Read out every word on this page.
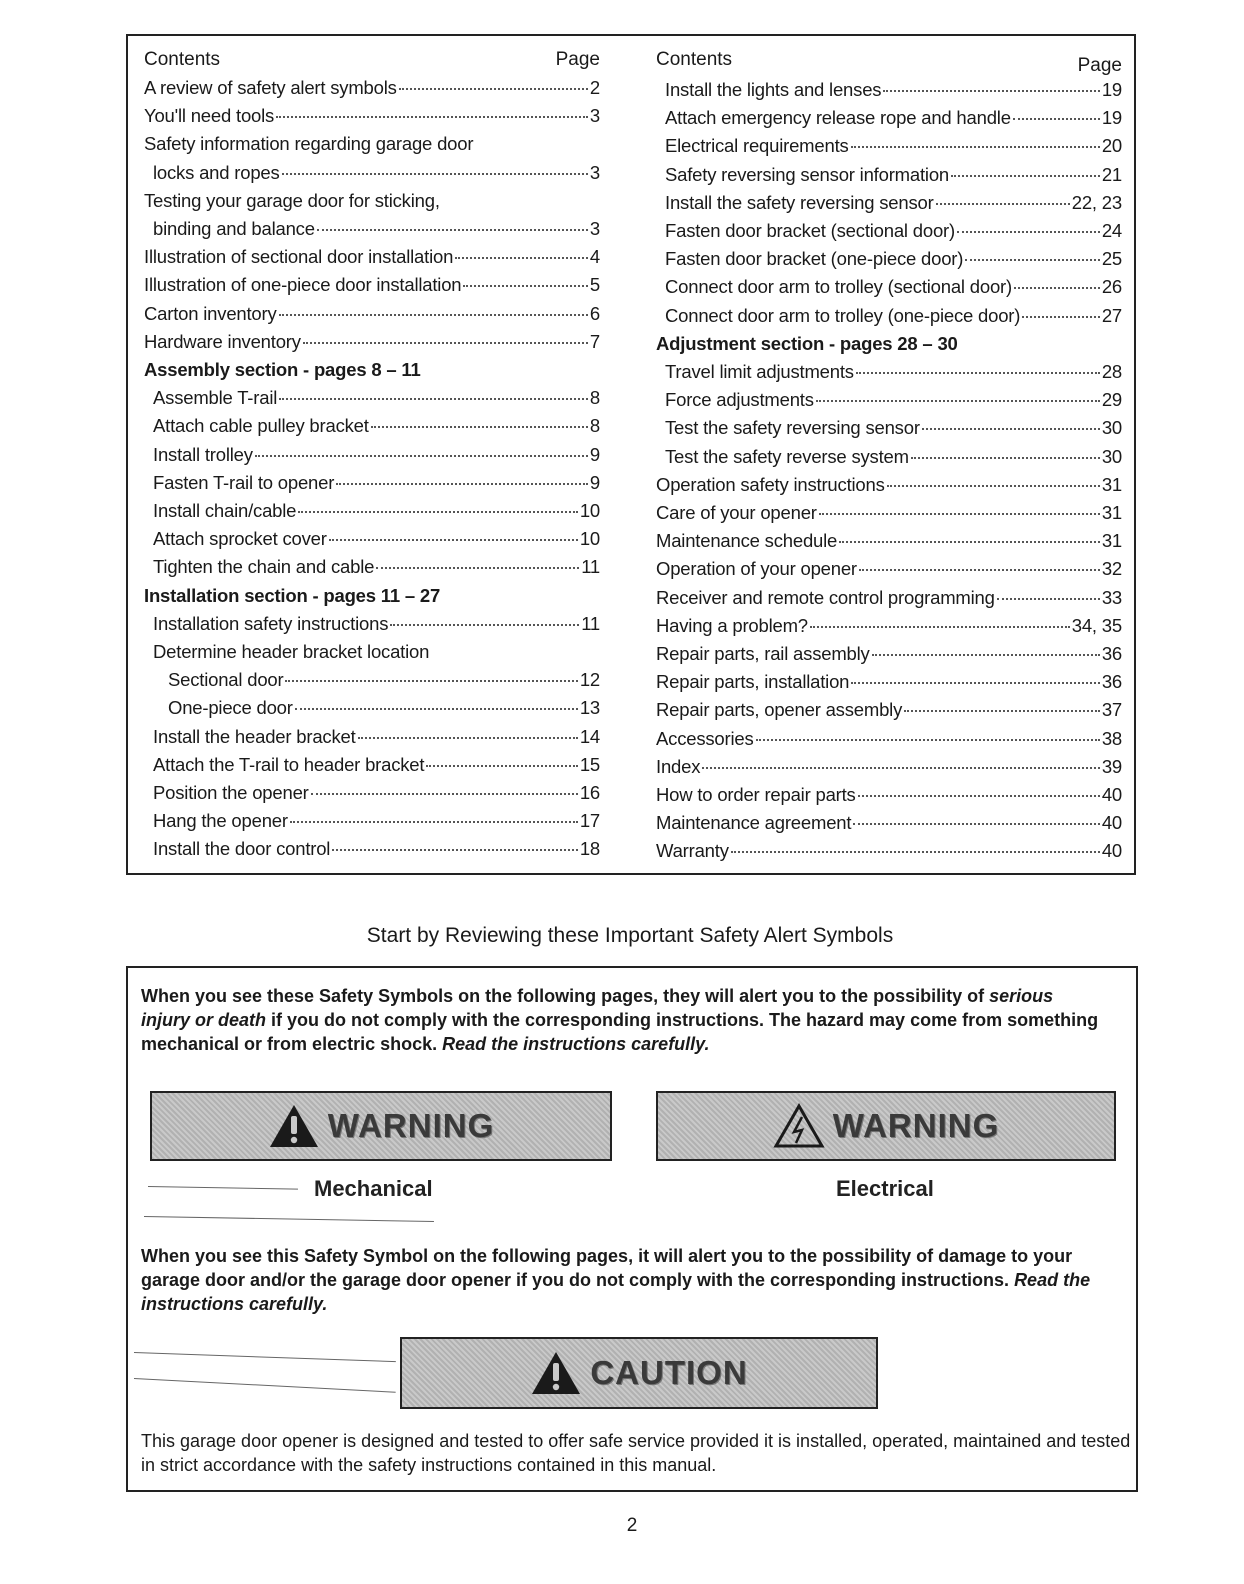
Contents	Page
A review of safety alert symbols	2
You'll need tools	3
Safety information regarding garage door
locks and ropes	3
Testing your garage door for sticking,
binding and balance	3
Illustration of sectional door installation	4
Illustration of one-piece door installation	5
Carton inventory	6
Hardware inventory	7
Assembly section - pages 8 – 11
Assemble T-rail	8
Attach cable pulley bracket	8
Install trolley	9
Fasten T-rail to opener	9
Install chain/cable	10
Attach sprocket cover	10
Tighten the chain and cable	11
Installation section - pages 11 – 27
Installation safety instructions	11
Determine header bracket location
Sectional door	12
One-piece door	13
Install the header bracket	14
Attach the T-rail to header bracket	15
Position the opener	16
Hang the opener	17
Install the door control	18
Contents	Page
Install the lights and lenses	19
Attach emergency release rope and handle	19
Electrical requirements	20
Safety reversing sensor information	21
Install the safety reversing sensor	22, 23
Fasten door bracket (sectional door)	24
Fasten door bracket (one-piece door)	25
Connect door arm to trolley (sectional door)	26
Connect door arm to trolley (one-piece door)	27
Adjustment section - pages 28 – 30
Travel limit adjustments	28
Force adjustments	29
Test the safety reversing sensor	30
Test the safety reverse system	30
Operation safety instructions	31
Care of your opener	31
Maintenance schedule	31
Operation of your opener	32
Receiver and remote control programming	33
Having a problem?	34, 35
Repair parts, rail assembly	36
Repair parts, installation	36
Repair parts, opener assembly	37
Accessories	38
Index	39
How to order repair parts	40
Maintenance agreement	40
Warranty	40
Start by Reviewing these Important Safety Alert Symbols
When you see these Safety Symbols on the following pages, they will alert you to the possibility of serious injury or death if you do not comply with the corresponding instructions. The hazard may come from something mechanical or from electric shock. Read the instructions carefully.
WARNING
Mechanical
WARNING
Electrical
When you see this Safety Symbol on the following pages, it will alert you to the possibility of damage to your garage door and/or the garage door opener if you do not comply with the corresponding instructions. Read the instructions carefully.
CAUTION
This garage door opener is designed and tested to offer safe service provided it is installed, operated, maintained and tested in strict accordance with the safety instructions contained in this manual.
2
